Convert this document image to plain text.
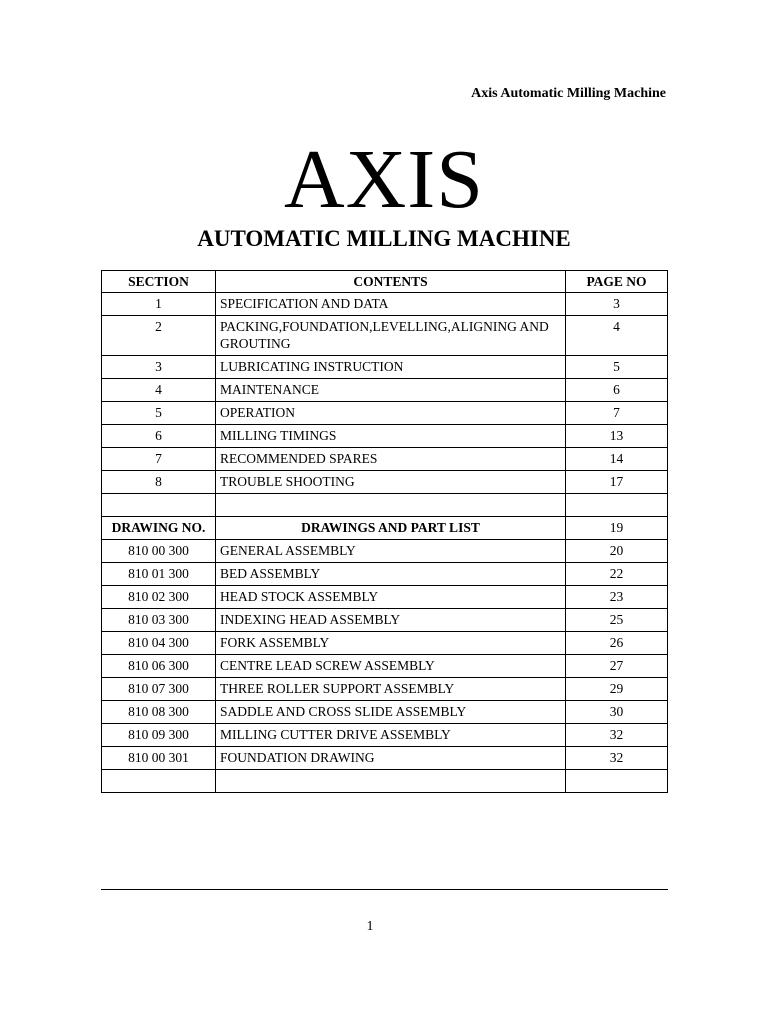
Axis Automatic Milling Machine
AXIS
AUTOMATIC MILLING MACHINE
SECTION	CONTENTS	PAGE NO
1	SPECIFICATION AND DATA	3
2	PACKING,FOUNDATION,LEVELLING,ALIGNING AND GROUTING	4
3	LUBRICATING INSTRUCTION	5
4	MAINTENANCE	6
5	OPERATION	7
6	MILLING TIMINGS	13
7	RECOMMENDED SPARES	14
8	TROUBLE SHOOTING	17

DRAWING NO.	DRAWINGS AND PART LIST	19
810 00 300	GENERAL ASSEMBLY	20
810 01 300	BED ASSEMBLY	22
810 02 300	HEAD STOCK ASSEMBLY	23
810 03 300	INDEXING HEAD ASSEMBLY	25
810 04 300	FORK ASSEMBLY	26
810 06 300	CENTRE LEAD SCREW ASSEMBLY	27
810 07 300	THREE ROLLER SUPPORT ASSEMBLY	29
810 08 300	SADDLE AND CROSS SLIDE ASSEMBLY	30
810 09 300	MILLING CUTTER DRIVE ASSEMBLY	32
810 00 301	FOUNDATION DRAWING	32

1
